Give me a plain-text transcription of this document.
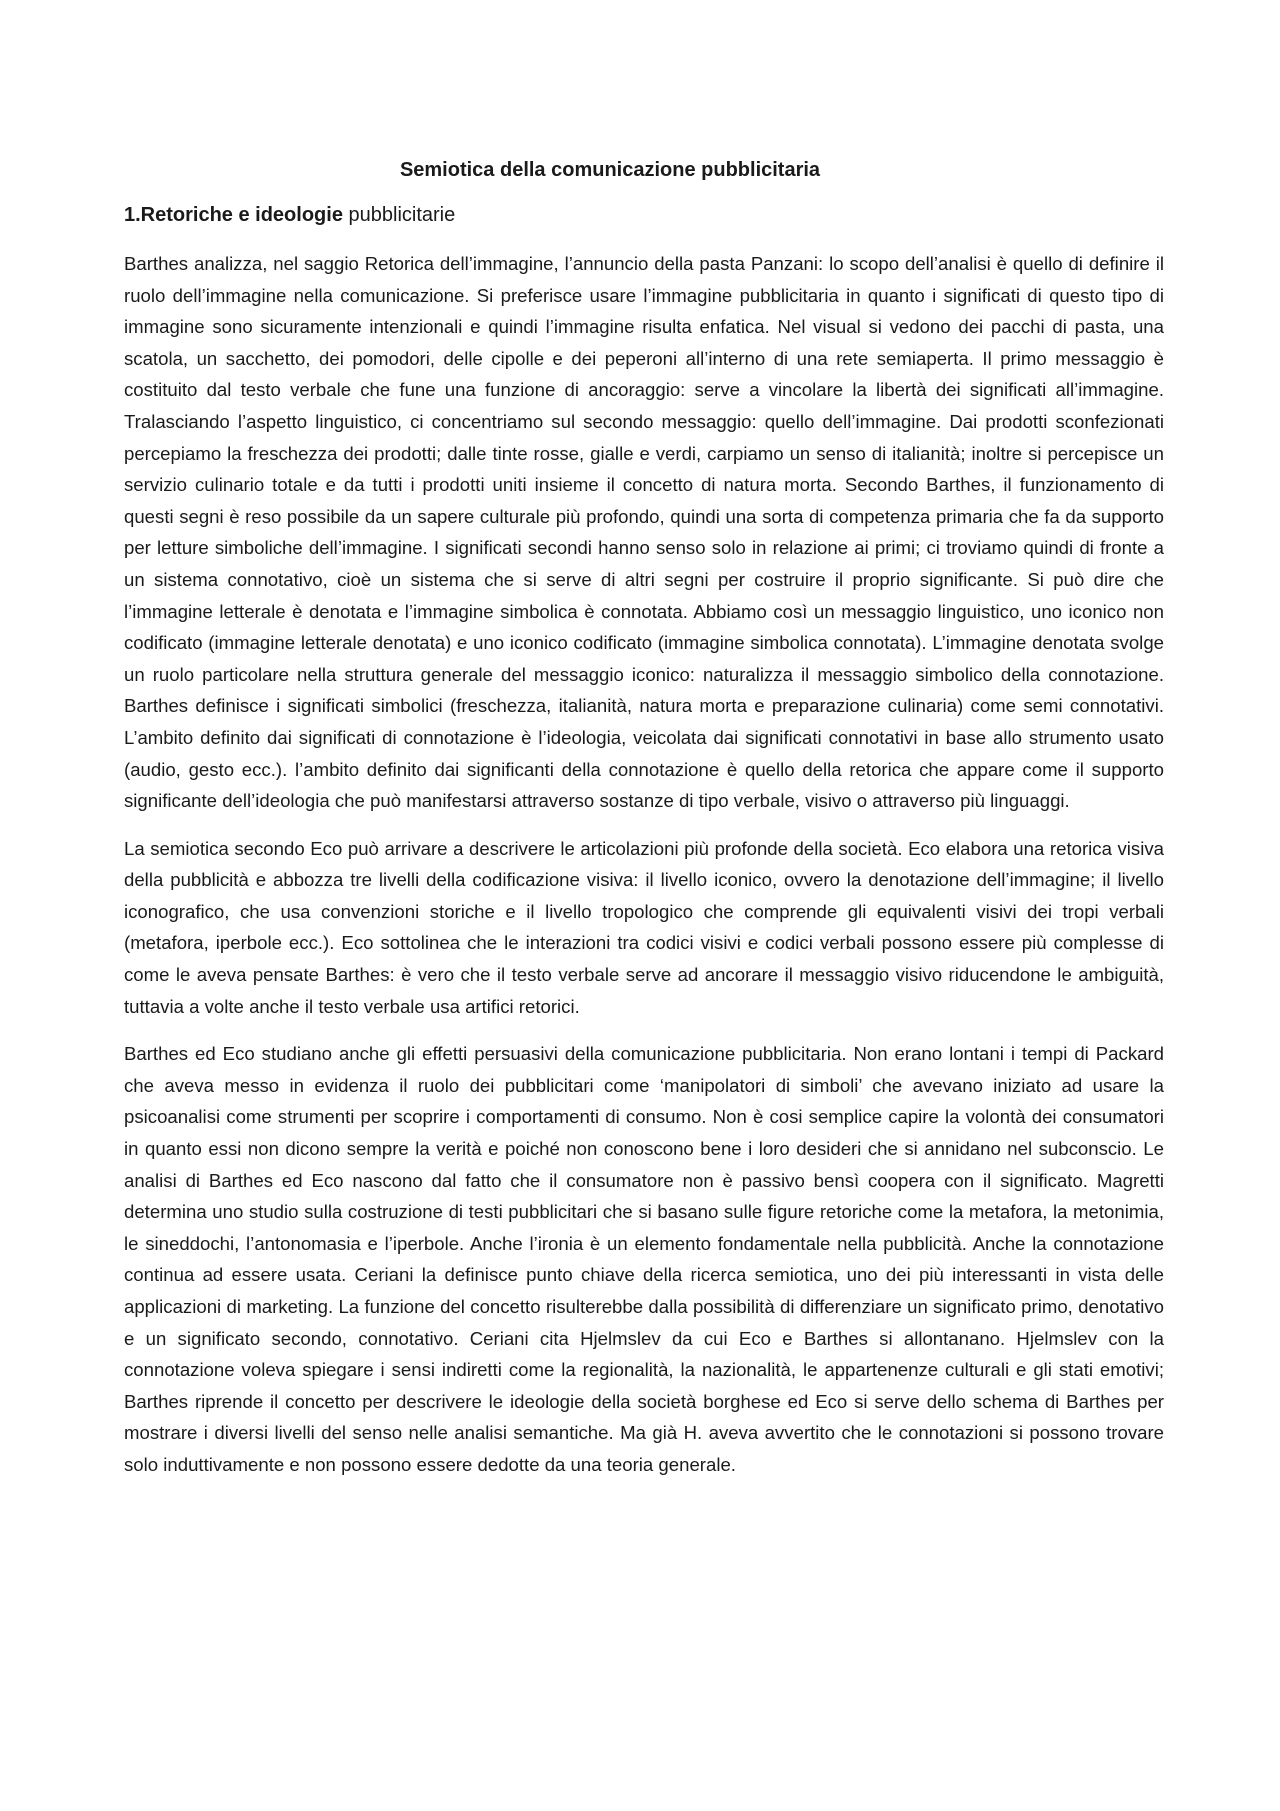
Semiotica della comunicazione pubblicitaria
1.Retoriche e ideologie pubblicitarie

Barthes analizza, nel saggio Retorica dell’immagine, l’annuncio della pasta Panzani: lo scopo dell’analisi è quello di definire il ruolo dell’immagine nella comunicazione. Si preferisce usare l’immagine pubblicitaria in quanto i significati di questo tipo di immagine sono sicuramente intenzionali e quindi l’immagine risulta enfatica. Nel visual si vedono dei pacchi di pasta, una scatola, un sacchetto, dei pomodori, delle cipolle e dei peperoni all’interno di una rete semiaperta. Il primo messaggio è costituito dal testo verbale che fune una funzione di ancoraggio: serve a vincolare la libertà dei significati all’immagine. Tralasciando l’aspetto linguistico, ci concentriamo sul secondo messaggio: quello dell’immagine. Dai prodotti sconfezionati percepiamo la freschezza dei prodotti; dalle tinte rosse, gialle e verdi, carpiamo un senso di italianità; inoltre si percepisce un servizio culinario totale e da tutti i prodotti uniti insieme il concetto di natura morta. Secondo Barthes, il funzionamento di questi segni è reso possibile da un sapere culturale più profondo, quindi una sorta di competenza primaria che fa da supporto per letture simboliche dell’immagine. I significati secondi hanno senso solo in relazione ai primi; ci troviamo quindi di fronte a un sistema connotativo, cioè un sistema che si serve di altri segni per costruire il proprio significante. Si può dire che l’immagine letterale è denotata e l’immagine simbolica è connotata. Abbiamo così un messaggio linguistico, uno iconico non codificato (immagine letterale denotata) e uno iconico codificato (immagine simbolica connotata). L’immagine denotata svolge un ruolo particolare nella struttura generale del messaggio iconico: naturalizza il messaggio simbolico della connotazione. Barthes definisce i significati simbolici (freschezza, italianità, natura morta e preparazione culinaria) come semi connotativi. L’ambito definito dai significati di connotazione è l’ideologia, veicolata dai significati connotativi in base allo strumento usato (audio, gesto ecc.). l’ambito definito dai significanti della connotazione è quello della retorica che appare come il supporto significante dell’ideologia che può manifestarsi attraverso sostanze di tipo verbale, visivo o attraverso più linguaggi.

La semiotica secondo Eco può arrivare a descrivere le articolazioni più profonde della società. Eco elabora una retorica visiva della pubblicità e abbozza tre livelli della codificazione visiva: il livello iconico, ovvero la denotazione dell’immagine; il livello iconografico, che usa convenzioni storiche e il livello tropologico che comprende gli equivalenti visivi dei tropi verbali (metafora, iperbole ecc.). Eco sottolinea che le interazioni tra codici visivi e codici verbali possono essere più complesse di come le aveva pensate Barthes: è vero che il testo verbale serve ad ancorare il messaggio visivo riducendone le ambiguità, tuttavia a volte anche il testo verbale usa artifici retorici.

Barthes ed Eco studiano anche gli effetti persuasivi della comunicazione pubblicitaria. Non erano lontani i tempi di Packard che aveva messo in evidenza il ruolo dei pubblicitari come ‘manipolatori di simboli’ che avevano iniziato ad usare la psicoanalisi come strumenti per scoprire i comportamenti di consumo. Non è cosi semplice capire la volontà dei consumatori in quanto essi non dicono sempre la verità e poiché non conoscono bene i loro desideri che si annidano nel subconscio. Le analisi di Barthes ed Eco nascono dal fatto che il consumatore non è passivo bensì coopera con il significato. Magretti determina uno studio sulla costruzione di testi pubblicitari che si basano sulle figure retoriche come la metafora, la metonimia, le sineddochi, l’antonomasia e l’iperbole. Anche l’ironia è un elemento fondamentale nella pubblicità. Anche la connotazione continua ad essere usata. Ceriani la definisce punto chiave della ricerca semiotica, uno dei più interessanti in vista delle applicazioni di marketing. La funzione del concetto risulterebbe dalla possibilità di differenziare un significato primo, denotativo e un significato secondo, connotativo. Ceriani cita Hjelmslev da cui Eco e Barthes si allontanano. Hjelmslev con la connotazione voleva spiegare i sensi indiretti come la regionalità, la nazionalità, le appartenenze culturali e gli stati emotivi; Barthes riprende il concetto per descrivere le ideologie della società borghese ed Eco si serve dello schema di Barthes per mostrare i diversi livelli del senso nelle analisi semantiche. Ma già H. aveva avvertito che le connotazioni si possono trovare solo induttivamente e non possono essere dedotte da una teoria generale.
